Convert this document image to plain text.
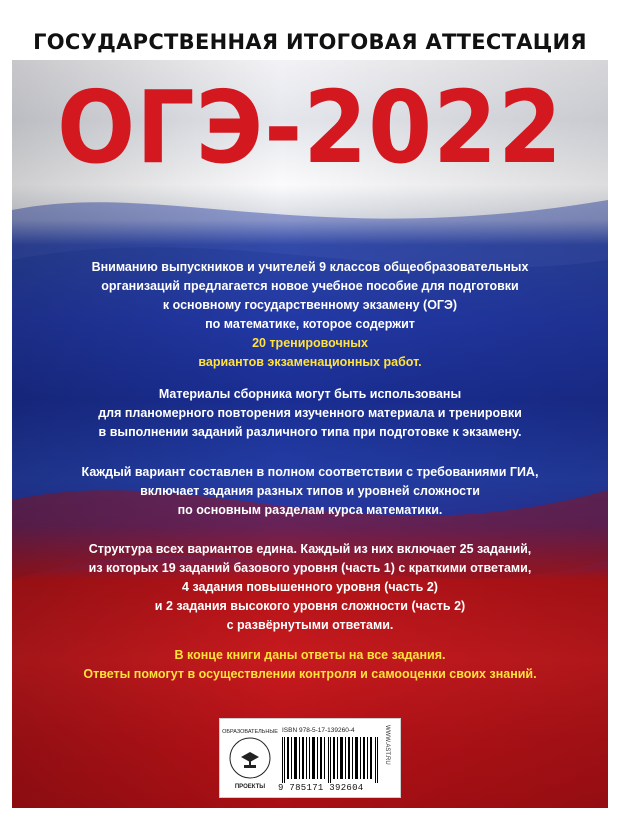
ГОСУДАРСТВЕННАЯ ИТОГОВАЯ АТТЕСТАЦИЯ
ОГЭ-2022
Вниманию выпускников и учителей 9 классов общеобразовательных
организаций предлагается новое учебное пособие для подготовки
к основному государственному экзамену (ОГЭ)
по математике, которое содержит
20 тренировочных
вариантов экзаменационных работ.
Материалы сборника могут быть использованы
для планомерного повторения изученного материала и тренировки
в выполнении заданий различного типа при подготовке к экзамену.
Каждый вариант составлен в полном соответствии с требованиями ГИА,
включает задания разных типов и уровней сложности
по основным разделам курса математики.
Структура всех вариантов едина. Каждый из них включает 25 заданий,
из которых 19 заданий базового уровня (часть 1) с краткими ответами,
4 задания повышенного уровня (часть 2)
и 2 задания высокого уровня сложности (часть 2)
с развёрнутыми ответами.
В конце книги даны ответы на все задания.
Ответы помогут в осуществлении контроля и самооценки своих знаний.
ОБРАЗОВАТЕЛЬНЫЕ
ПРОЕКТЫ
ISBN 978-5-17-139260-4
9 785171 392604
WWW.AST.RU
